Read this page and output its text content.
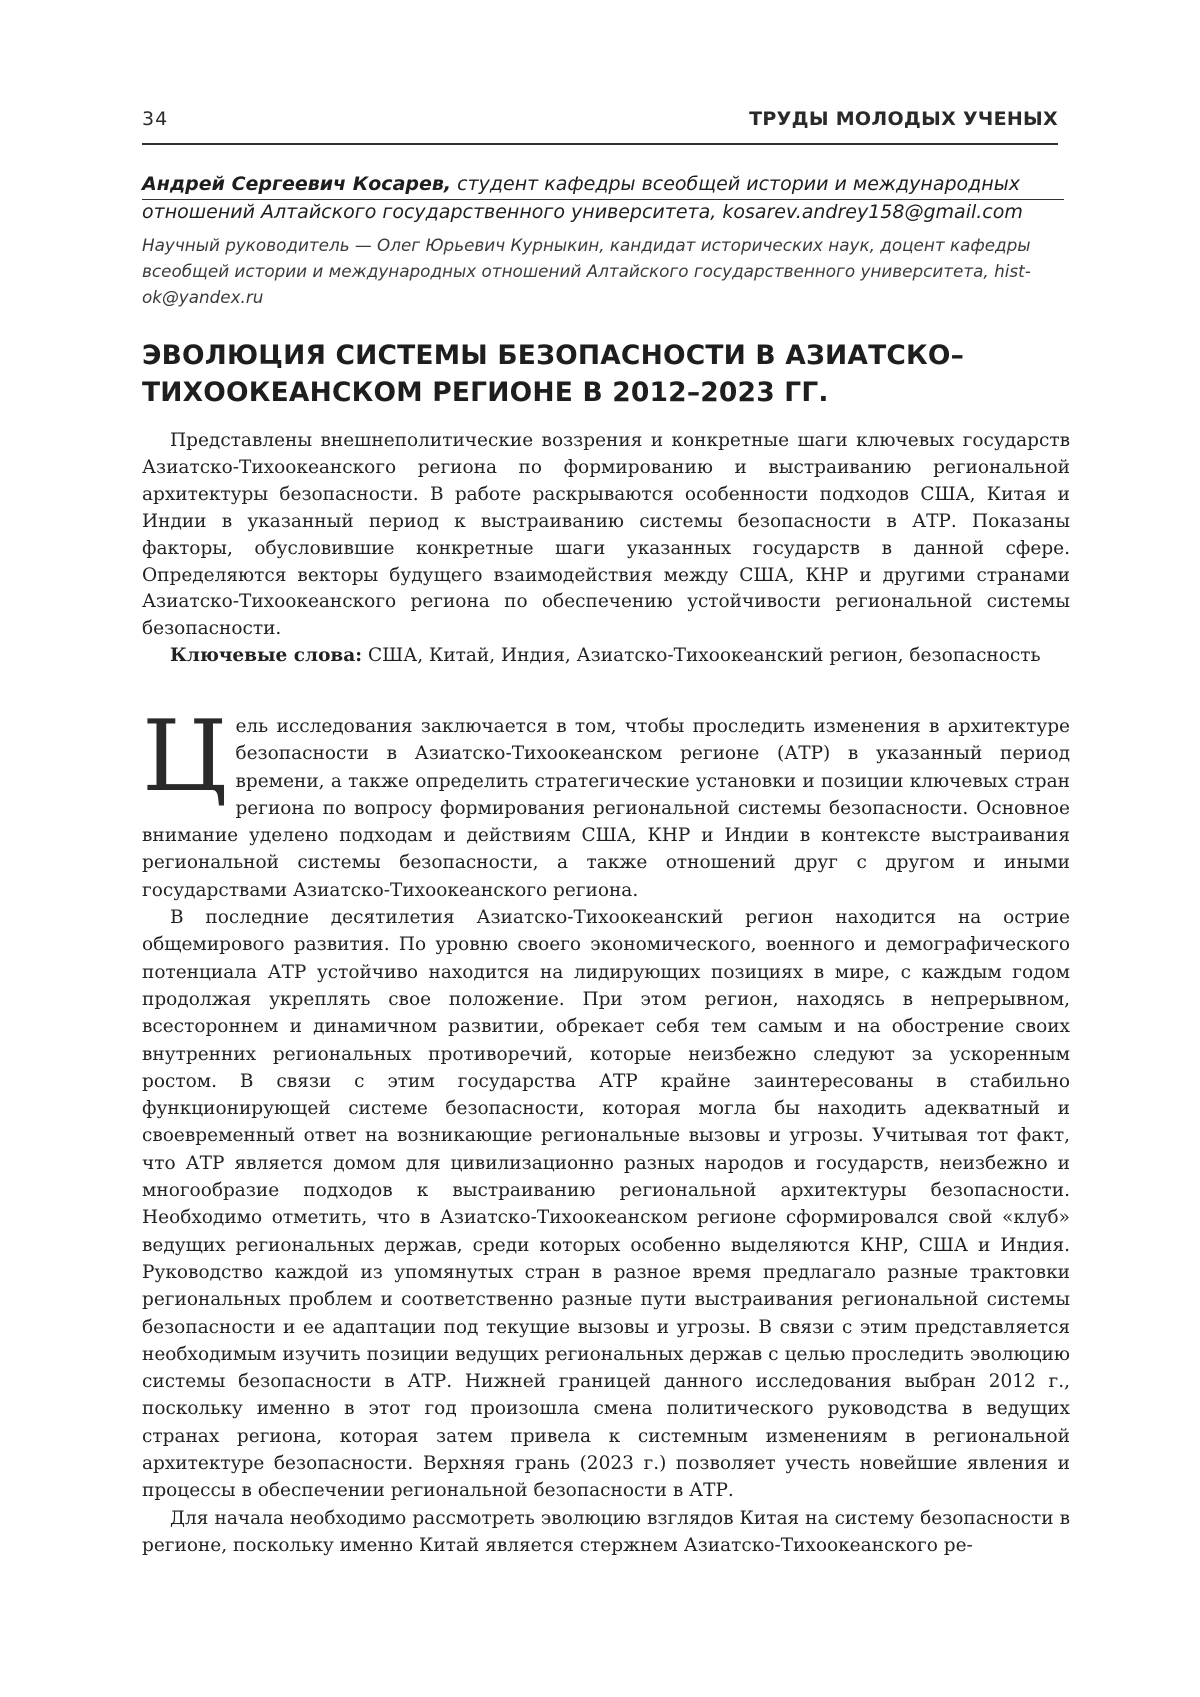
34	ТРУДЫ МОЛОДЫХ УЧЕНЫХ
Андрей Сергеевич Косарев, студент кафедры всеобщей истории и международных отношений Алтайского государственного университета, kosarev.andrey158@gmail.com
Научный руководитель — Олег Юрьевич Курныкин, кандидат исторических наук, доцент кафедры всеобщей истории и международных отношений Алтайского государственного университета, hist-ok@yandex.ru
ЭВОЛЮЦИЯ СИСТЕМЫ БЕЗОПАСНОСТИ В АЗИАТСКО–
ТИХООКЕАНСКОМ РЕГИОНЕ В 2012–2023 ГГ.

Представлены внешнеполитические воззрения и конкретные шаги ключевых государств Азиатско-Тихоокеанского региона по формированию и выстраиванию региональной архитектуры безопасности. В работе раскрываются особенности подходов США, Китая и Индии в указанный период к выстраиванию системы безопасности в АТР. Показаны факторы, обусловившие конкретные шаги указанных государств в данной сфере. Определяются векторы будущего взаимодействия между США, КНР и другими странами Азиатско-Тихоокеанского региона по обеспечению устойчивости региональной системы безопасности.

Ключевые слова: США, Китай, Индия, Азиатско-Тихоокеанский регион, безопасность

Цель исследования заключается в том, чтобы проследить изменения в архитектуре безопасности в Азиатско-Тихоокеанском регионе (АТР) в указанный период времени, а также определить стратегические установки и позиции ключевых стран региона по вопросу формирования региональной системы безопасности. Основное внимание уделено подходам и действиям США, КНР и Индии в контексте выстраивания региональной системы безопасности, а также отношений друг с другом и иными государствами Азиатско-Тихоокеанского региона.

В последние десятилетия Азиатско-Тихоокеанский регион находится на острие общемирового развития. По уровню своего экономического, военного и демографического потенциала АТР устойчиво находится на лидирующих позициях в мире, с каждым годом продолжая укреплять свое положение. При этом регион, находясь в непрерывном, всестороннем и динамичном развитии, обрекает себя тем самым и на обострение своих внутренних региональных противоречий, которые неизбежно следуют за ускоренным ростом. В связи с этим государства АТР крайне заинтересованы в стабильно функционирующей системе безопасности, которая могла бы находить адекватный и своевременный ответ на возникающие региональные вызовы и угрозы. Учитывая тот факт, что АТР является домом для цивилизационно разных народов и государств, неизбежно и многообразие подходов к выстраиванию региональной архитектуры безопасности. Необходимо отметить, что в Азиатско-Тихоокеанском регионе сформировался свой «клуб» ведущих региональных держав, среди которых особенно выделяются КНР, США и Индия. Руководство каждой из упомянутых стран в разное время предлагало разные трактовки региональных проблем и соответственно разные пути выстраивания региональной системы безопасности и ее адаптации под текущие вызовы и угрозы. В связи с этим представляется необходимым изучить позиции ведущих региональных держав с целью проследить эволюцию системы безопасности в АТР. Нижней границей данного исследования выбран 2012 г., поскольку именно в этот год произошла смена политического руководства в ведущих странах региона, которая затем привела к системным изменениям в региональной архитектуре безопасности. Верхняя грань (2023 г.) позволяет учесть новейшие явления и процессы в обеспечении региональной безопасности в АТР.

Для начала необходимо рассмотреть эволюцию взглядов Китая на систему безопасности в регионе, поскольку именно Китай является стержнем Азиатско-Тихоокеанского ре-
